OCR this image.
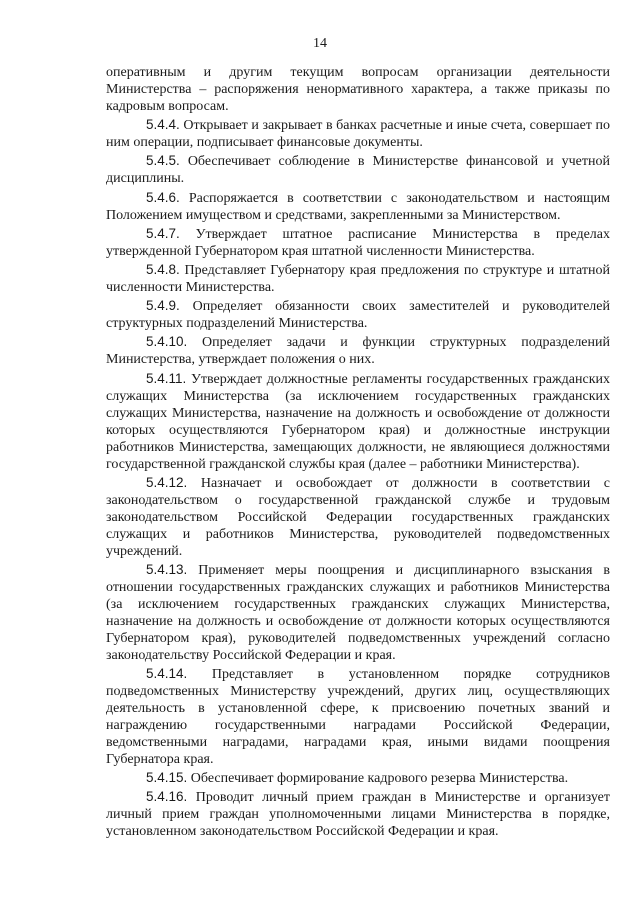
14

оперативным и другим текущим вопросам организации деятельности Министерства – распоряжения ненормативного характера, а также приказы по кадровым вопросам.

5.4.4. Открывает и закрывает в банках расчетные и иные счета, совершает по ним операции, подписывает финансовые документы.

5.4.5. Обеспечивает соблюдение в Министерстве финансовой и учетной дисциплины.

5.4.6. Распоряжается в соответствии с законодательством и настоящим Положением имуществом и средствами, закрепленными за Министерством.

5.4.7. Утверждает штатное расписание Министерства в пределах утвержденной Губернатором края штатной численности Министерства.

5.4.8. Представляет Губернатору края предложения по структуре и штатной численности Министерства.

5.4.9. Определяет обязанности своих заместителей и руководителей структурных подразделений Министерства.

5.4.10. Определяет задачи и функции структурных подразделений Министерства, утверждает положения о них.

5.4.11. Утверждает должностные регламенты государственных гражданских служащих Министерства (за исключением государственных гражданских служащих Министерства, назначение на должность и освобождение от должности которых осуществляются Губернатором края) и должностные инструкции работников Министерства, замещающих должности, не являющиеся должностями государственной гражданской службы края (далее – работники Министерства).

5.4.12. Назначает и освобождает от должности в соответствии с законодательством о государственной гражданской службе и трудовым законодательством Российской Федерации государственных гражданских служащих и работников Министерства, руководителей подведомственных учреждений.

5.4.13. Применяет меры поощрения и дисциплинарного взыскания в отношении государственных гражданских служащих и работников Министерства (за исключением государственных гражданских служащих Министерства, назначение на должность и освобождение от должности которых осуществляются Губернатором края), руководителей подведомственных учреждений согласно законодательству Российской Федерации и края.

5.4.14. Представляет в установленном порядке сотрудников подведомственных Министерству учреждений, других лиц, осуществляющих деятельность в установленной сфере, к присвоению почетных званий и награждению государственными наградами Российской Федерации, ведомственными наградами, наградами края, иными видами поощрения Губернатора края.

5.4.15. Обеспечивает формирование кадрового резерва Министерства.

5.4.16. Проводит личный прием граждан в Министерстве и организует личный прием граждан уполномоченными лицами Министерства в порядке, установленном законодательством Российской Федерации и края.
